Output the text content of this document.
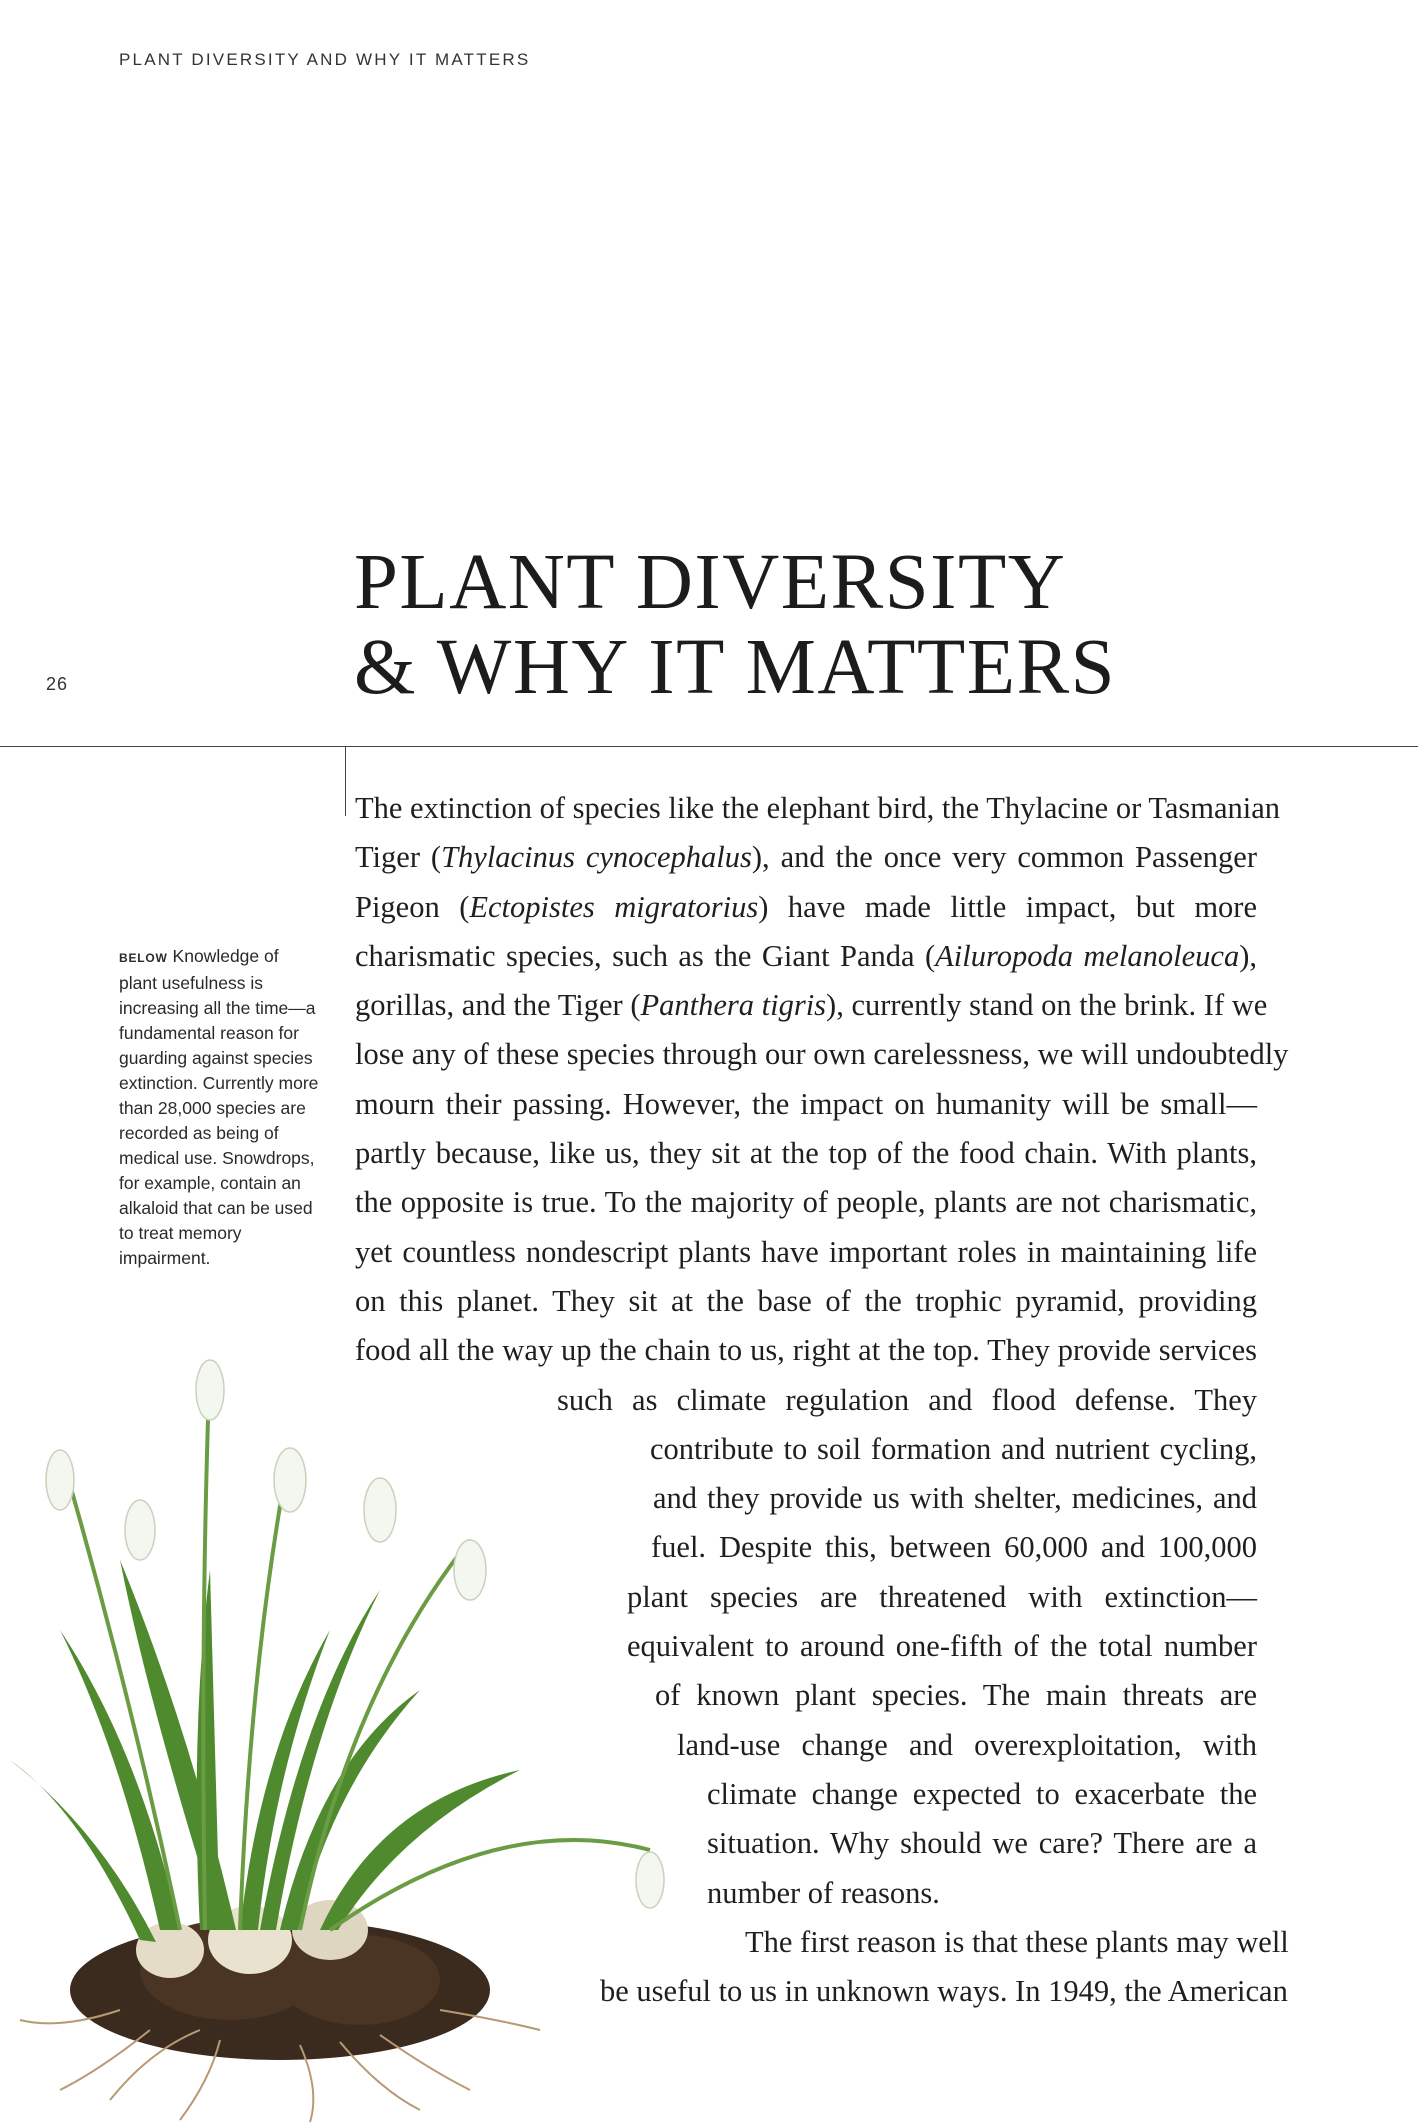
PLANT DIVERSITY AND WHY IT MATTERS
26
PLANT DIVERSITY
& WHY IT MATTERS

BELOW Knowledge of plant usefulness is increasing all the time—a fundamental reason for guarding against species extinction. Currently more than 28,000 species are recorded as being of medical use. Snowdrops, for example, contain an alkaloid that can be used to treat memory impairment.

The extinction of species like the elephant bird, the Thylacine or Tasmanian
Tiger (Thylacinus cynocephalus), and the once very common Passenger
Pigeon (Ectopistes migratorius) have made little impact, but more
charismatic species, such as the Giant Panda (Ailuropoda melanoleuca),
gorillas, and the Tiger (Panthera tigris), currently stand on the brink. If we
lose any of these species through our own carelessness, we will undoubtedly
mourn their passing. However, the impact on humanity will be small—
partly because, like us, they sit at the top of the food chain. With plants,
the opposite is true. To the majority of people, plants are not charismatic,
yet countless nondescript plants have important roles in maintaining life
on this planet. They sit at the base of the trophic pyramid, providing
food all the way up the chain to us, right at the top. They provide services
such as climate regulation and flood defense. They
contribute to soil formation and nutrient cycling,
and they provide us with shelter, medicines, and
fuel. Despite this, between 60,000 and 100,000
plant species are threatened with extinction—
equivalent to around one-fifth of the total number
of known plant species. The main threats are
land-use change and overexploitation, with
climate change expected to exacerbate the
situation. Why should we care? There are a
number of reasons.
The first reason is that these plants may well
be useful to us in unknown ways. In 1949, the American
